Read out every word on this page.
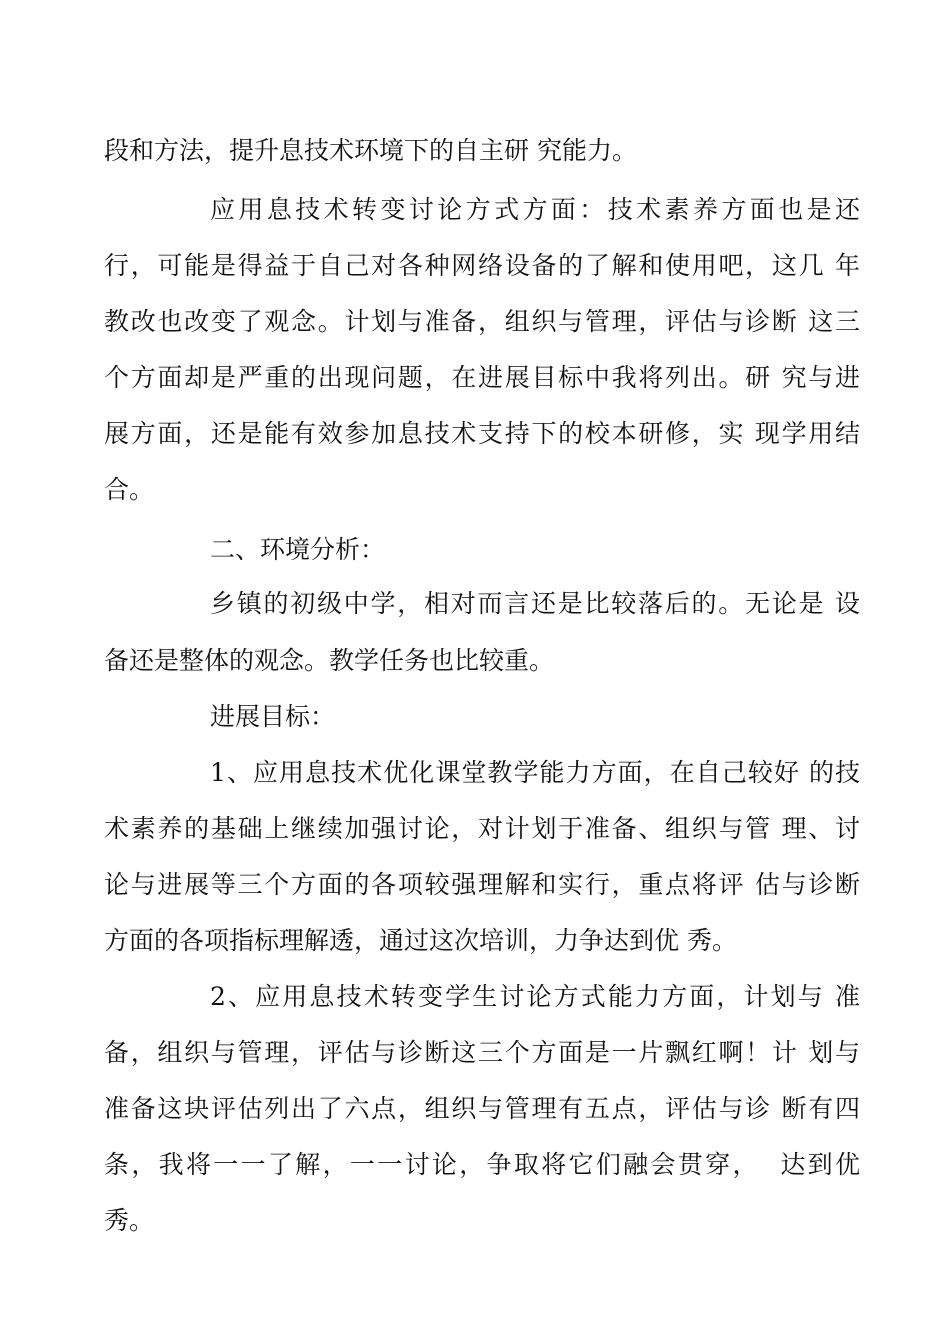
段和方法，提升息技术环境下的自主研 究能力。
应用息技术转变讨论方式方面：技术素养方面也是还
行，可能是得益于自己对各种网络设备的了解和使用吧，这几 年
教改也改变了观念。计划与准备，组织与管理，评估与诊断 这三
个方面却是严重的出现问题，在进展目标中我将列出。研 究与进
展方面，还是能有效参加息技术支持下的校本研修，实 现学用结
合。
二、环境分析：
乡镇的初级中学，相对而言还是比较落后的。无论是 设
备还是整体的观念。教学任务也比较重。
进展目标：
1、应用息技术优化课堂教学能力方面，在自己较好 的技
术素养的基础上继续加强讨论，对计划于准备、组织与管 理、讨
论与进展等三个方面的各项较强理解和实行，重点将评 估与诊断
方面的各项指标理解透，通过这次培训，力争达到优 秀。
2、应用息技术转变学生讨论方式能力方面，计划与 准
备，组织与管理，评估与诊断这三个方面是一片飘红啊！计 划与
准备这块评估列出了六点，组织与管理有五点，评估与诊 断有四
条，我将一一了解，一一讨论，争取将它们融会贯穿，  达到优
秀。
